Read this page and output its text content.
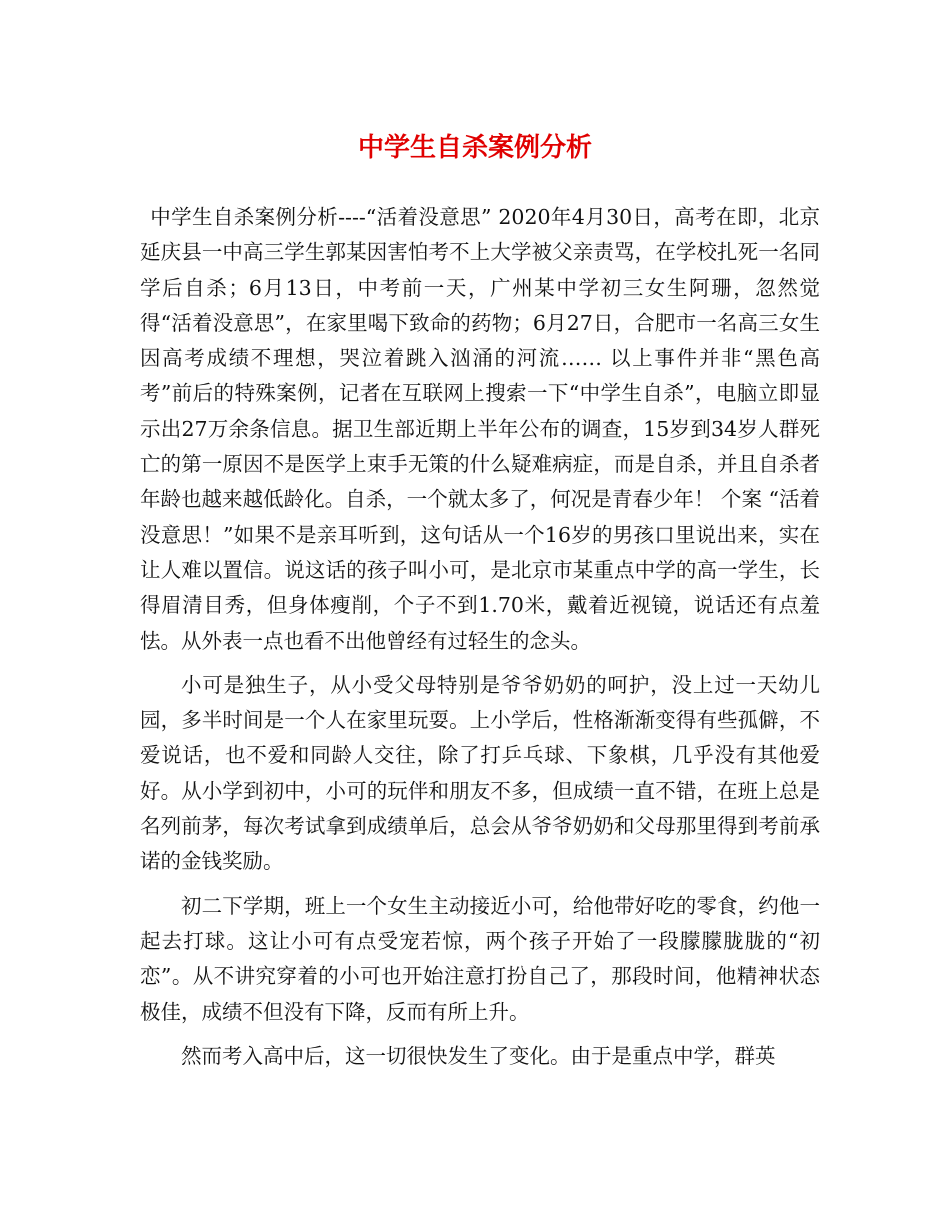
中学生自杀案例分析

中学生自杀案例分析----“活着没意思” 2020年4月30日，高考在即，北京延庆县一中高三学生郭某因害怕考不上大学被父亲责骂，在学校扎死一名同学后自杀；6月13日，中考前一天，广州某中学初三女生阿珊，忽然觉得“活着没意思”，在家里喝下致命的药物；6月27日，合肥市一名高三女生因高考成绩不理想，哭泣着跳入汹涌的河流…… 以上事件并非“黑色高考”前后的特殊案例，记者在互联网上搜索一下“中学生自杀”，电脑立即显示出27万余条信息。据卫生部近期上半年公布的调查，15岁到34岁人群死亡的第一原因不是医学上束手无策的什么疑难病症，而是自杀，并且自杀者年龄也越来越低龄化。自杀，一个就太多了，何况是青春少年！ 个案 “活着没意思！”如果不是亲耳听到，这句话从一个16岁的男孩口里说出来，实在让人难以置信。说这话的孩子叫小可，是北京市某重点中学的高一学生，长得眉清目秀，但身体瘦削，个子不到1.70米，戴着近视镜，说话还有点羞怯。从外表一点也看不出他曾经有过轻生的念头。

小可是独生子，从小受父母特别是爷爷奶奶的呵护，没上过一天幼儿园，多半时间是一个人在家里玩耍。上小学后，性格渐渐变得有些孤僻，不爱说话，也不爱和同龄人交往，除了打乒乓球、下象棋，几乎没有其他爱好。从小学到初中，小可的玩伴和朋友不多，但成绩一直不错，在班上总是名列前茅，每次考试拿到成绩单后，总会从爷爷奶奶和父母那里得到考前承诺的金钱奖励。

初二下学期，班上一个女生主动接近小可，给他带好吃的零食，约他一起去打球。这让小可有点受宠若惊，两个孩子开始了一段朦朦胧胧的“初恋”。从不讲究穿着的小可也开始注意打扮自己了，那段时间，他精神状态极佳，成绩不但没有下降，反而有所上升。

然而考入高中后，这一切很快发生了变化。由于是重点中学，群英
